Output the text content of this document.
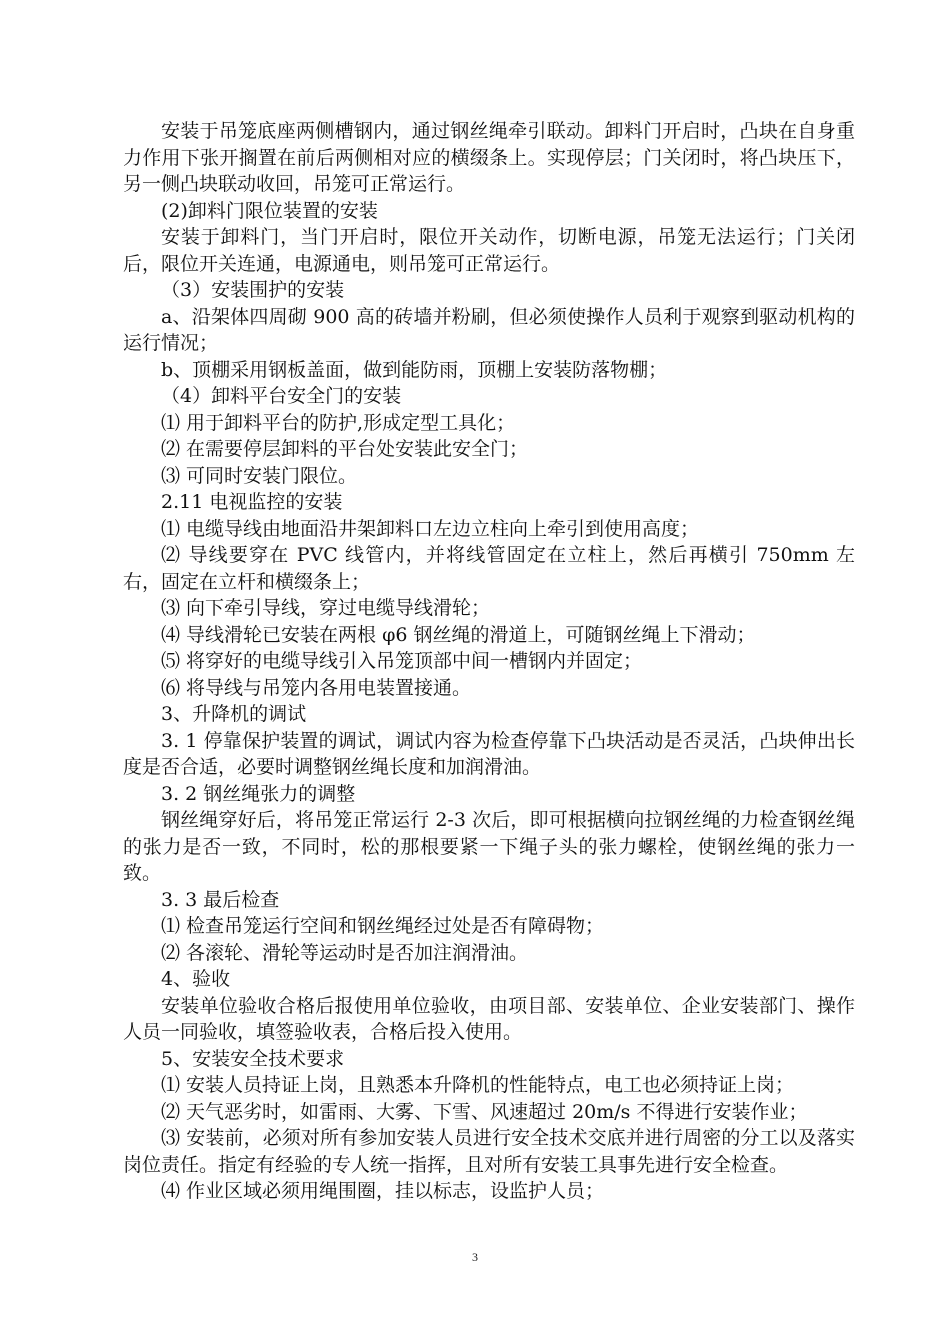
安装于吊笼底座两侧槽钢内，通过钢丝绳牵引联动。卸料门开启时，凸块在自身重力作用下张开搁置在前后两侧相对应的横缀条上。实现停层；门关闭时，将凸块压下，另一侧凸块联动收回，吊笼可正常运行。

(2)卸料门限位装置的安装

安装于卸料门，当门开启时，限位开关动作，切断电源，吊笼无法运行；门关闭后，限位开关连通，电源通电，则吊笼可正常运行。

（3）安装围护的安装

a、沿架体四周砌 900 高的砖墙并粉刷，但必须使操作人员利于观察到驱动机构的运行情况；

b、顶棚采用钢板盖面，做到能防雨，顶棚上安装防落物棚；

（4）卸料平台安全门的安装

⑴ 用于卸料平台的防护,形成定型工具化；

⑵ 在需要停层卸料的平台处安装此安全门；

⑶ 可同时安装门限位。

2.11 电视监控的安装

⑴ 电缆导线由地面沿井架卸料口左边立柱向上牵引到使用高度；

⑵ 导线要穿在 PVC 线管内，并将线管固定在立柱上，然后再横引 750mm 左右，固定在立杆和横缀条上；

⑶ 向下牵引导线，穿过电缆导线滑轮；

⑷ 导线滑轮已安装在两根 φ6 钢丝绳的滑道上，可随钢丝绳上下滑动；

⑸ 将穿好的电缆导线引入吊笼顶部中间一槽钢内并固定；

⑹ 将导线与吊笼内各用电装置接通。

3、升降机的调试

3. 1 停靠保护装置的调试，调试内容为检查停靠下凸块活动是否灵活，凸块伸出长度是否合适，必要时调整钢丝绳长度和加润滑油。

3. 2 钢丝绳张力的调整

钢丝绳穿好后，将吊笼正常运行 2-3 次后，即可根据横向拉钢丝绳的力检查钢丝绳的张力是否一致，不同时，松的那根要紧一下绳子头的张力螺栓，使钢丝绳的张力一致。

3. 3 最后检查

⑴ 检查吊笼运行空间和钢丝绳经过处是否有障碍物；

⑵ 各滚轮、滑轮等运动时是否加注润滑油。

4、验收

安装单位验收合格后报使用单位验收，由项目部、安装单位、企业安装部门、操作人员一同验收，填签验收表，合格后投入使用。

5、安装安全技术要求

⑴ 安装人员持证上岗，且熟悉本升降机的性能特点，电工也必须持证上岗；

⑵ 天气恶劣时，如雷雨、大雾、下雪、风速超过 20m/s 不得进行安装作业；

⑶ 安装前，必须对所有参加安装人员进行安全技术交底并进行周密的分工以及落实岗位责任。指定有经验的专人统一指挥，且对所有安装工具事先进行安全检查。

⑷ 作业区域必须用绳围圈，挂以标志，设监护人员；

3
